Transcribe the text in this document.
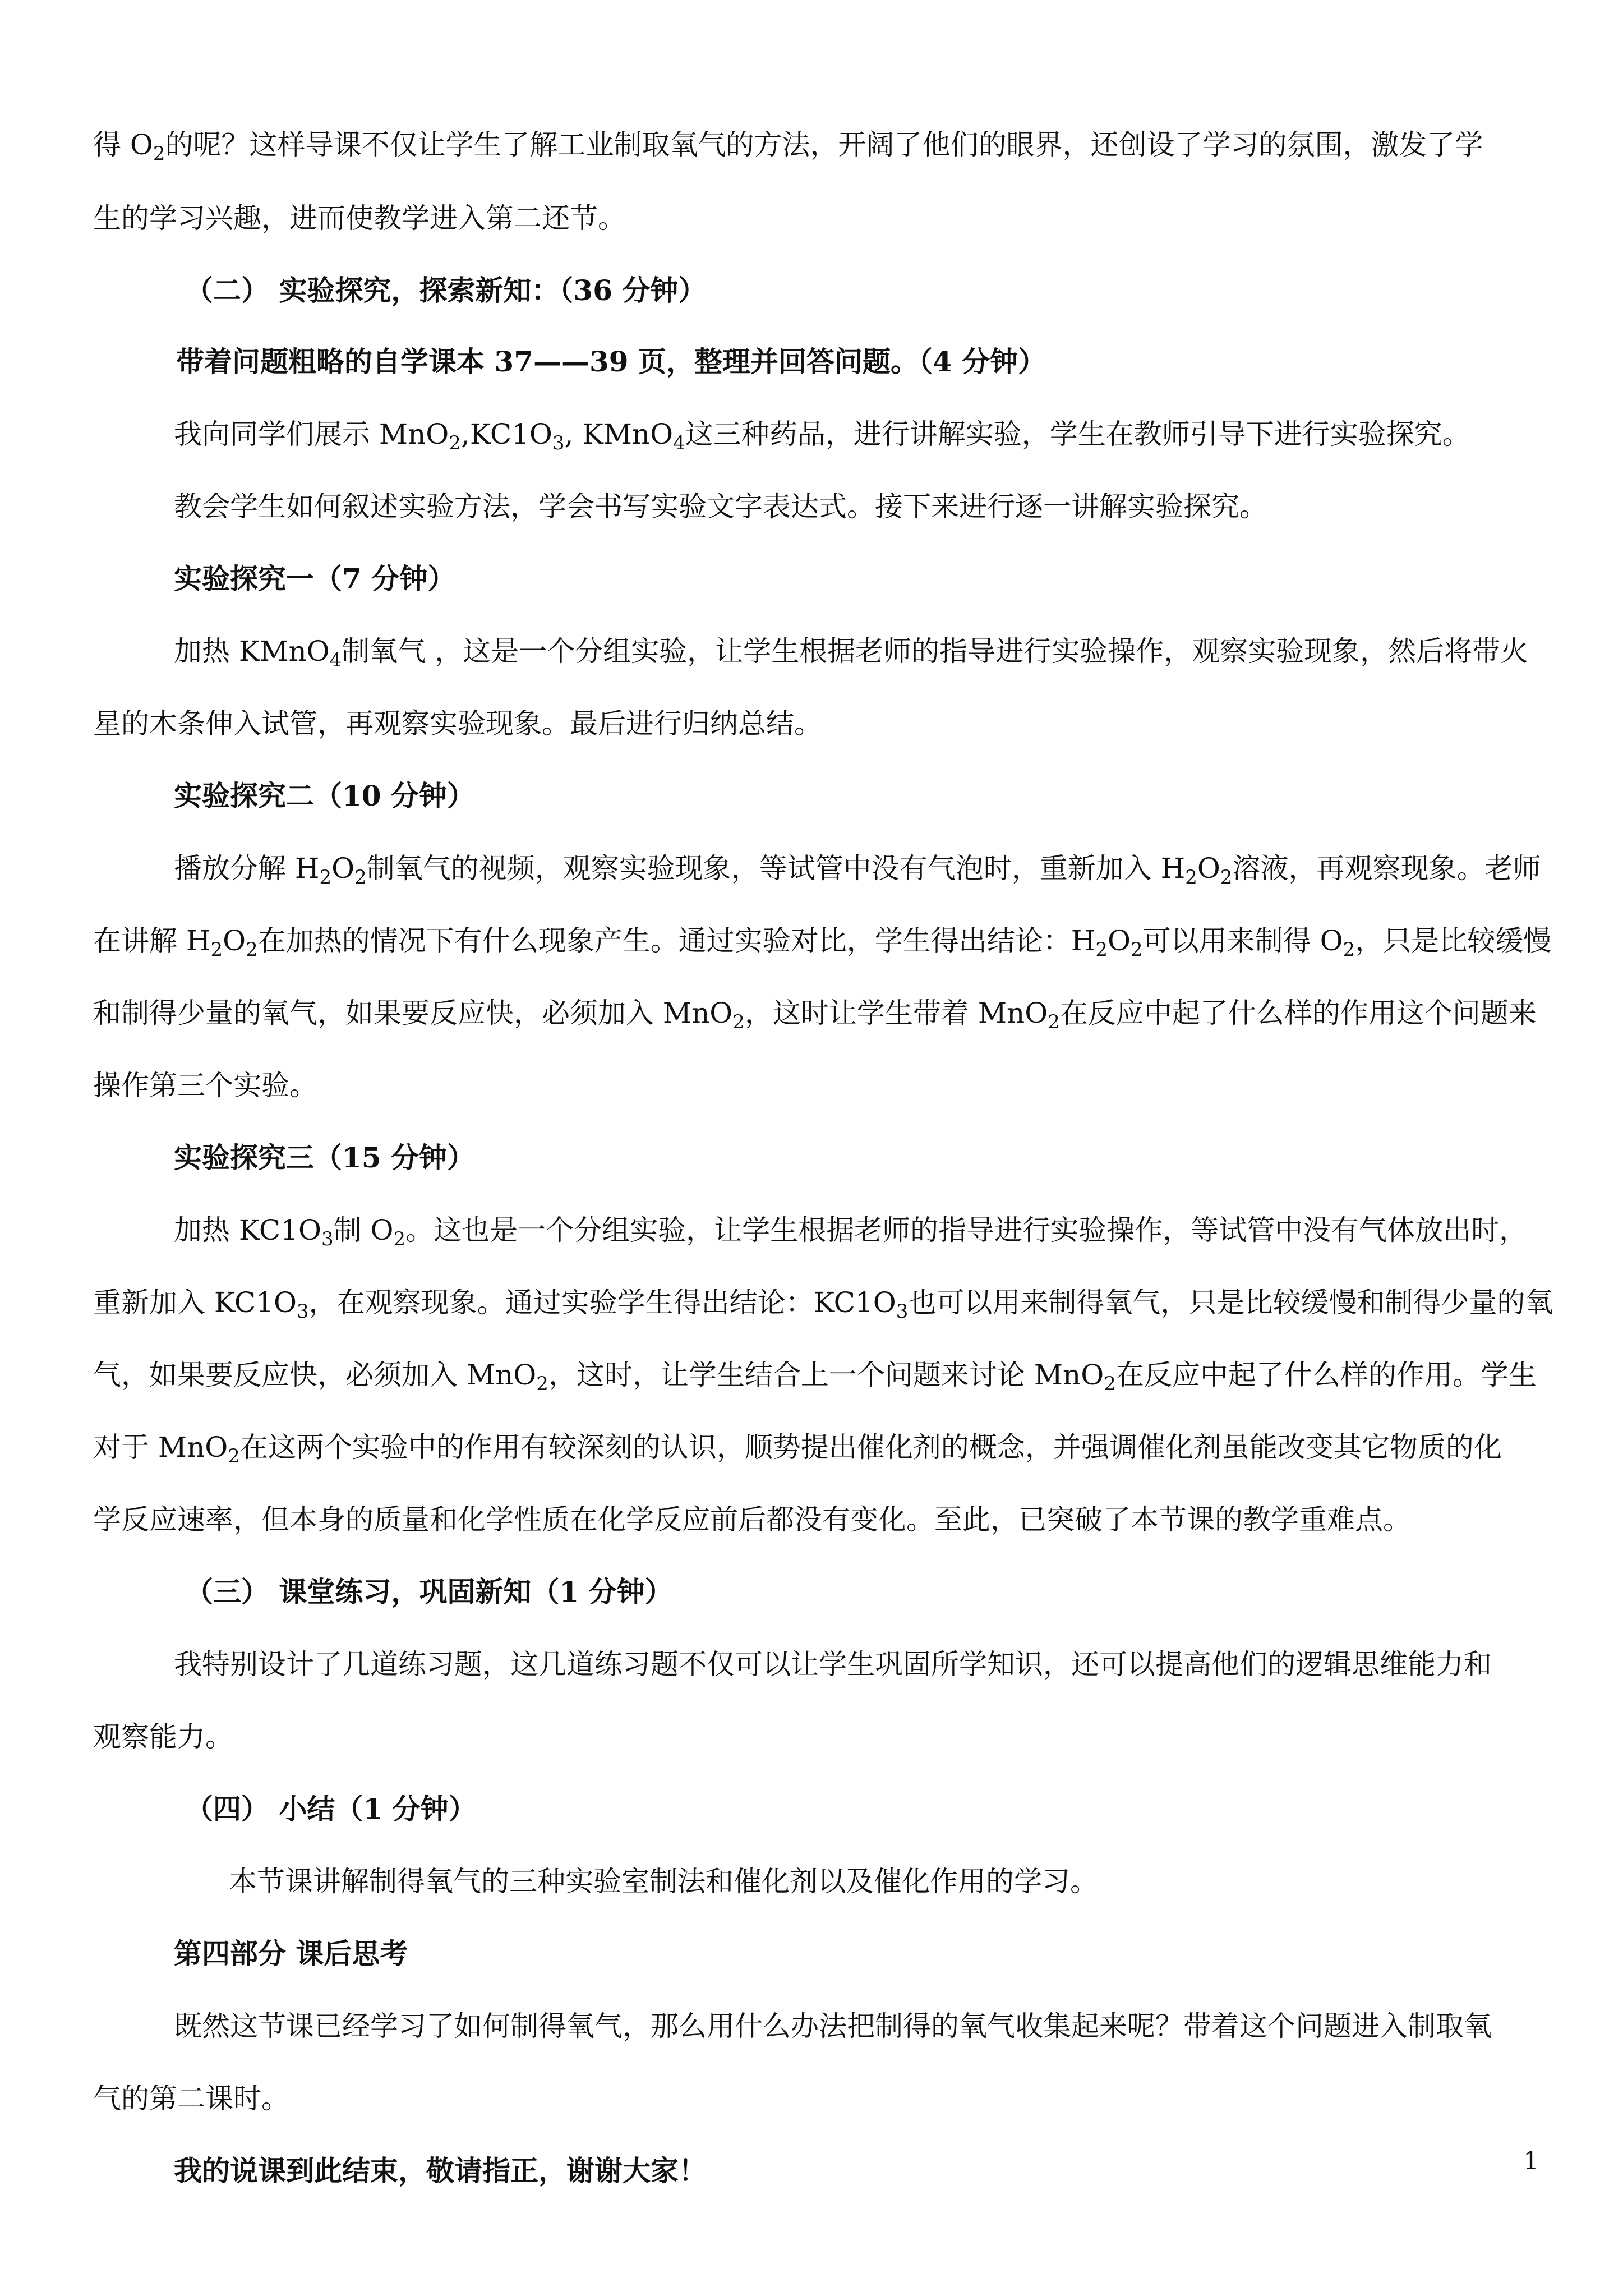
得 $O_2$的呢？这样导课不仅让学生了解工业制取氧气的方法，开阔了他们的眼界，还创设了学习的氛围，激发了学
生的学习兴趣，进而使教学进入第二还节。
（二） 实验探究，探索新知：（36 分钟）
带着问题粗略的自学课本 37——39 页，整理并回答问题。（4 分钟）
我向同学们展示 $MnO_2,KC1O_3$, KMnO$_4$这三种药品，进行讲解实验，学生在教师引导下进行实验探究。
教会学生如何叙述实验方法，学会书写实验文字表达式。接下来进行逐一讲解实验探究。
实验探究一（7 分钟）
加热 KMnO$_4$制氧气 ，这是一个分组实验，让学生根据老师的指导进行实验操作，观察实验现象，然后将带火
星的木条伸入试管，再观察实验现象。最后进行归纳总结。
实验探究二（10 分钟）
播放分解 $H_2O_2$制氧气的视频，观察实验现象，等试管中没有气泡时，重新加入 $H_2O_2$溶液，再观察现象。老师
在讲解 $H_2O_2$在加热的情况下有什么现象产生。通过实验对比，学生得出结论：$H_2O_2$可以用来制得 $O_2$，只是比较缓慢
和制得少量的氧气，如果要反应快，必须加入 MnO$_2$，这时让学生带着 MnO$_2$在反应中起了什么样的作用这个问题来
操作第三个实验。
实验探究三（15 分钟）
加热 $KC1O_3$制 $O_2$。这也是一个分组实验，让学生根据老师的指导进行实验操作，等试管中没有气体放出时，
重新加入 $KC1O_3$，在观察现象。通过实验学生得出结论：$KC1O_3$也可以用来制得氧气，只是比较缓慢和制得少量的氧
气，如果要反应快，必须加入 MnO$_2$，这时，让学生结合上一个问题来讨论 MnO$_2$在反应中起了什么样的作用。学生
对于 MnO$_2$在这两个实验中的作用有较深刻的认识，顺势提出催化剂的概念，并强调催化剂虽能改变其它物质的化
学反应速率，但本身的质量和化学性质在化学反应前后都没有变化。至此，已突破了本节课的教学重难点。
（三） 课堂练习，巩固新知（1 分钟）
我特别设计了几道练习题，这几道练习题不仅可以让学生巩固所学知识，还可以提高他们的逻辑思维能力和
观察能力。
（四） 小结（1 分钟）
本节课讲解制得氧气的三种实验室制法和催化剂以及催化作用的学习。
第四部分 课后思考
既然这节课已经学习了如何制得氧气，那么用什么办法把制得的氧气收集起来呢？带着这个问题进入制取氧
气的第二课时。
我的说课到此结束，敬请指正，谢谢大家！	1
